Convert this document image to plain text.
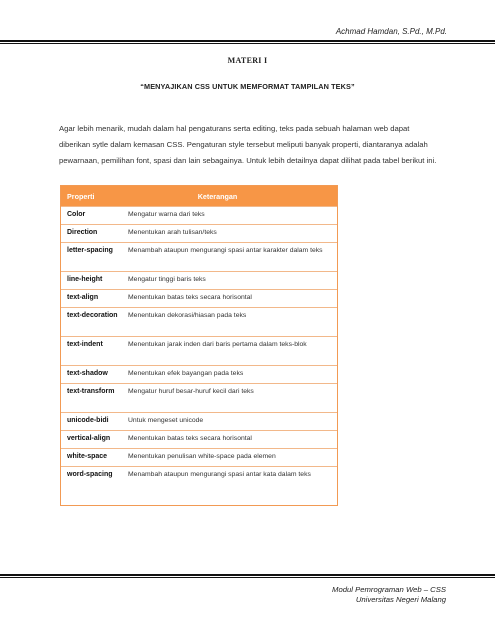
Achmad Hamdan, S.Pd., M.Pd.
MATERI I
“MENYAJIKAN CSS UNTUK MEMFORMAT TAMPILAN TEKS”
Agar lebih menarik, mudah dalam hal pengaturans serta editing, teks pada sebuah halaman web dapat diberikan sytle dalam kemasan CSS. Pengaturan style tersebut meliputi banyak properti, diantaranya adalah pewarnaan, pemilihan font, spasi dan lain sebagainya. Untuk lebih detailnya dapat dilihat pada tabel berikut ini.
Properti	Keterangan
Color	Mengatur warna dari teks
Direction	Menentukan arah tulisan/teks
letter-spacing	Menambah ataupun mengurangi spasi antar karakter dalam teks
line-height	Mengatur tinggi baris teks
text-align	Menentukan batas teks secara horisontal
text-decoration	Menentukan dekorasi/hiasan pada teks
text-indent	Menentukan jarak inden dari baris pertama dalam teks-blok
text-shadow	Menentukan efek bayangan pada teks
text-transform	Mengatur huruf besar-huruf kecil dari teks
unicode-bidi	Untuk mengeset unicode
vertical-align	Menentukan batas teks secara horisontal
white-space	Menentukan penulisan white-space pada elemen
word-spacing	Menambah ataupun mengurangi spasi antar kata dalam teks
Modul Pemrograman Web – CSS
Universitas Negeri Malang
